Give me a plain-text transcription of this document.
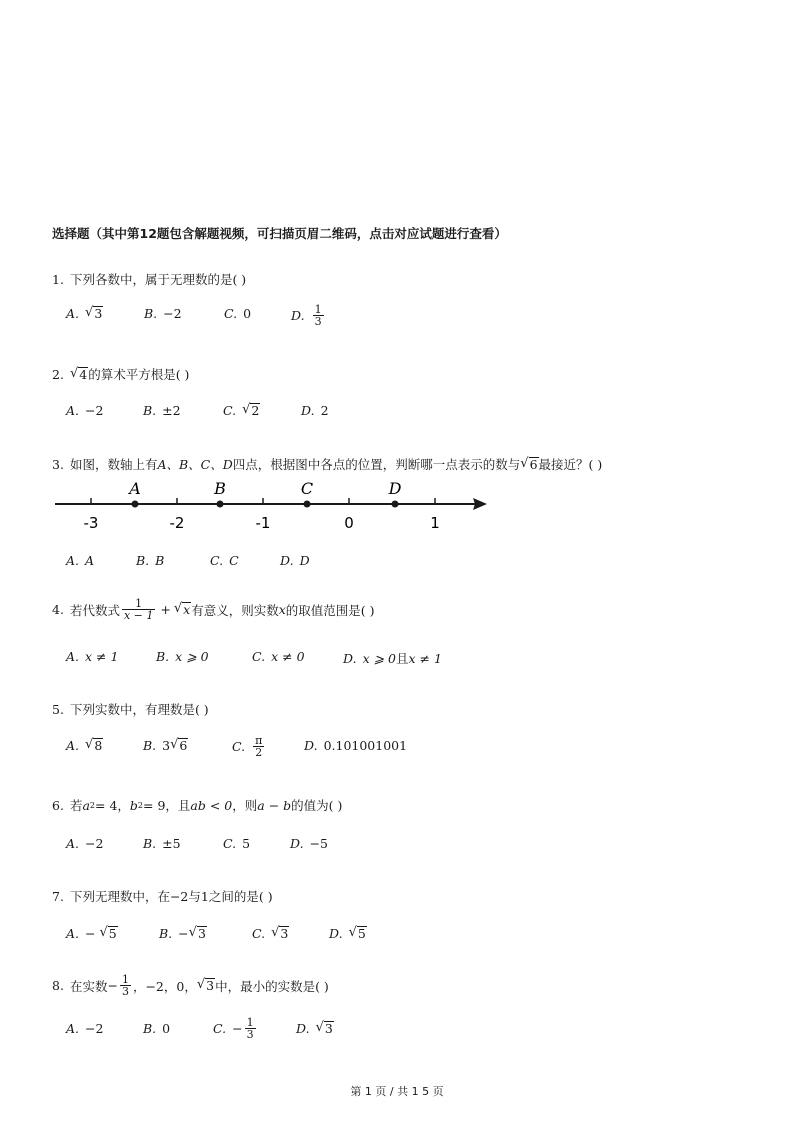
选择题（其中第12题包含解题视频，可扫描页眉二维码，点击对应试题进行查看）
1. 下列各数中，属于无理数的是( )
A. √ 3	B. −2	C. 0	D. $\frac{1}{3}$
2. √ 4 的算术平方根是( )
A. −2	B. ±2	C. √ 2	D. 2
3. 如图，数轴上有 A、B、C、D 四点，根据图中各点的位置，判断哪一点表示的数与 √ 6 最接近？( )
-3	-2	-1	0	1
A	B	C	D
A. A	B. B	C. C	D. D
4. 若代数式 $\frac{1}{x - 1}$ + √ x 有意义，则实数 x 的取值范围是( )
A. x ≠ 1	B. x ⩾ 0	C. x ≠ 0	D. x ⩾ 0 且 x ≠ 1
5. 下列实数中，有理数是( )
A. √ 8	B. 3 √ 6	C. $\frac{\pi}{2}$	D. 0.101001001
6. 若 a 2 = 4， b 2 = 9，且 ab < 0 ，则 a − b 的值为( )
A. −2	B. ±5	C. 5	D. −5
7. 下列无理数中，在 −2 与 1 之间的是( )
A. − √ 5	B. − √ 3	C. √ 3	D. √ 5
8. 在实数 − $\frac{1}{3}$ ，−2，0， √ 3 中，最小的实数是( )
A. −2	B. 0	C. − $\frac{1}{3}$	D. √ 3
第 1 页 / 共 1 5 页
